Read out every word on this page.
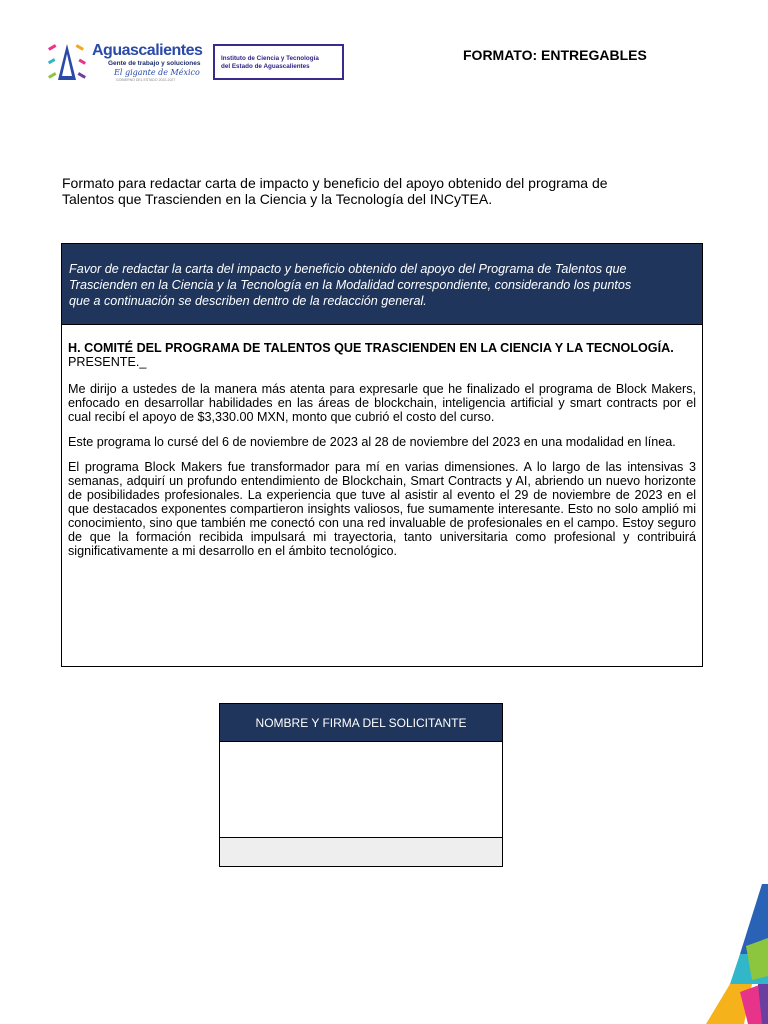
Aguascalientes
Gente de trabajo y soluciones
El gigante de México
GOBIERNO DEL ESTADO 2022-2027
Instituto de Ciencia y Tecnología
del Estado de Aguascalientes
FORMATO: ENTREGABLES
Formato para redactar carta de impacto y beneficio del apoyo obtenido del programa de
Talentos que Trascienden en la Ciencia y la Tecnología del INCyTEA.
Favor de redactar la carta del impacto y beneficio obtenido del apoyo del Programa de Talentos que
Trascienden en la Ciencia y la Tecnología en la Modalidad correspondiente, considerando los puntos
que a continuación se describen dentro de la redacción general.
H. COMITÉ DEL PROGRAMA DE TALENTOS QUE TRASCIENDEN EN LA CIENCIA Y LA TECNOLOGÍA.
PRESENTE._

Me dirijo a ustedes de la manera más atenta para expresarle que he finalizado el programa de Block Makers, enfocado en desarrollar habilidades en las áreas de blockchain, inteligencia artificial y smart contracts por el cual recibí el apoyo de $3,330.00 MXN, monto que cubrió el costo del curso.

Este programa lo cursé del 6 de noviembre de 2023 al 28 de noviembre del 2023 en una modalidad en línea.

El programa Block Makers fue transformador para mí en varias dimensiones. A lo largo de las intensivas 3 semanas, adquirí un profundo entendimiento de Blockchain, Smart Contracts y AI, abriendo un nuevo horizonte de posibilidades profesionales. La experiencia que tuve al asistir al evento el 29 de noviembre de 2023 en el que destacados exponentes compartieron insights valiosos, fue sumamente interesante. Esto no solo amplió mi conocimiento, sino que también me conectó con una red invaluable de profesionales en el campo. Estoy seguro de que la formación recibida impulsará mi trayectoria, tanto universitaria como profesional y contribuirá significativamente a mi desarrollo en el ámbito tecnológico.

NOMBRE Y FIRMA DEL SOLICITANTE
